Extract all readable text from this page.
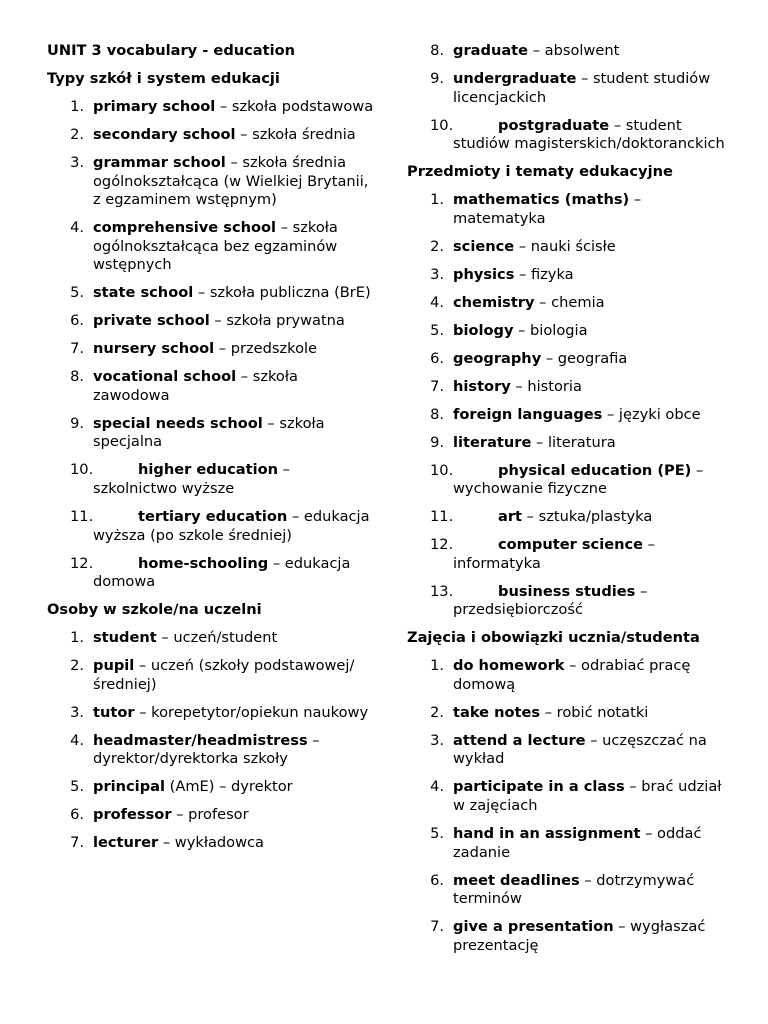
UNIT 3 vocabulary - education
Typy szkół i system edukacji
1. primary school – szkoła podstawowa
2. secondary school – szkoła średnia
3. grammar school – szkoła średnia ogólnokształcąca (w Wielkiej Brytanii, z egzaminem wstępnym)
4. comprehensive school – szkoła ogólnokształcąca bez egzaminów wstępnych
5. state school – szkoła publiczna (BrE)
6. private school – szkoła prywatna
7. nursery school – przedszkole
8. vocational school – szkoła zawodowa
9. special needs school – szkoła specjalna
10.	higher education – szkolnictwo wyższe
11.	tertiary education – edukacja wyższa (po szkole średniej)
12.	home-schooling – edukacja domowa
Osoby w szkole/na uczelni
1. student – uczeń/student
2. pupil – uczeń (szkoły podstawowej/średniej)
3. tutor – korepetytor/opiekun naukowy
4. headmaster/headmistress – dyrektor/dyrektorka szkoły
5. principal (AmE) – dyrektor
6. professor – profesor
7. lecturer – wykładowca
8. graduate – absolwent
9. undergraduate – student studiów licencjackich
10.	postgraduate – student studiów magisterskich/doktoranckich
Przedmioty i tematy edukacyjne
1. mathematics (maths) – matematyka
2. science – nauki ścisłe
3. physics – fizyka
4. chemistry – chemia
5. biology – biologia
6. geography – geografia
7. history – historia
8. foreign languages – języki obce
9. literature – literatura
10.	physical education (PE) – wychowanie fizyczne
11.	art – sztuka/plastyka
12.	computer science – informatyka
13.	business studies – przedsiębiorczość
Zajęcia i obowiązki ucznia/studenta
1. do homework – odrabiać pracę domową
2. take notes – robić notatki
3. attend a lecture – uczęszczać na wykład
4. participate in a class – brać udział w zajęciach
5. hand in an assignment – oddać zadanie
6. meet deadlines – dotrzymywać terminów
7. give a presentation – wygłaszać prezentację
